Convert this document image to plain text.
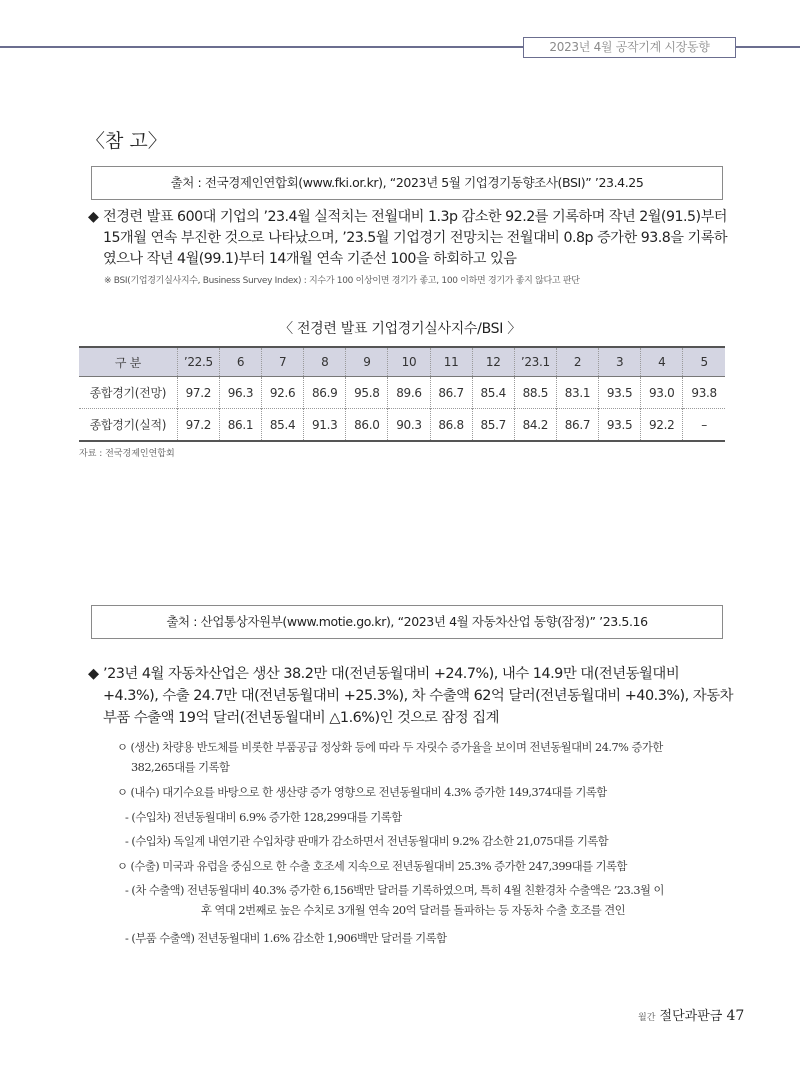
2023년 4월 공작기계 시장동향
〈참 고〉
출처 : 전국경제인연합회(www.fki.or.kr), “2023년 5월 기업경기동향조사(BSI)” ’23.4.25
◆ 전경련 발표 600대 기업의 ’23.4월 실적치는 전월대비 1.3p 감소한 92.2를 기록하며 작년 2월(91.5)부터 15개월 연속 부진한 것으로 나타났으며, ’23.5월 기업경기 전망치는 전월대비 0.8p 증가한 93.8을 기록하였으나 작년 4월(99.1)부터 14개월 연속 기준선 100을 하회하고 있음
※ BSI(기업경기실사지수, Business Survey Index) : 지수가 100 이상이면 경기가 좋고, 100 이하면 경기가 좋지 않다고 판단
〈 전경련 발표 기업경기실사지수/BSI 〉
구 분	’22.5	6	7	8	9	10	11	12	’23.1	2	3	4	5
종합경기(전망)	97.2	96.3	92.6	86.9	95.8	89.6	86.7	85.4	88.5	83.1	93.5	93.0	93.8
종합경기(실적)	97.2	86.1	85.4	91.3	86.0	90.3	86.8	85.7	84.2	86.7	93.5	92.2	–
자료 : 전국경제인연합회
출처 : 산업통상자원부(www.motie.go.kr), “2023년 4월 자동차산업 동향(잠정)” ’23.5.16
◆ ’23년 4월 자동차산업은 생산 38.2만 대(전년동월대비 +24.7%), 내수 14.9만 대(전년동월대비 +4.3%), 수출 24.7만 대(전년동월대비 +25.3%), 차 수출액 62억 달러(전년동월대비 +40.3%), 자동차 부품 수출액 19억 달러(전년동월대비 △1.6%)인 것으로 잠정 집계
ㅇ (생산) 차량용 반도체를 비롯한 부품공급 정상화 등에 따라 두 자릿수 증가율을 보이며 전년동월대비 24.7% 증가한
382,265대를 기록함
ㅇ (내수) 대기수요를 바탕으로 한 생산량 증가 영향으로 전년동월대비 4.3% 증가한 149,374대를 기록함
- (수입차) 전년동월대비 6.9% 증가한 128,299대를 기록함
- (수입차) 독일계 내연기관 수입차량 판매가 감소하면서 전년동월대비 9.2% 감소한 21,075대를 기록함
ㅇ (수출) 미국과 유럽을 중심으로 한 수출 호조세 지속으로 전년동월대비 25.3% 증가한 247,399대를 기록함
- (차 수출액) 전년동월대비 40.3% 증가한 6,156백만 달러를 기록하였으며, 특히 4월 친환경차 수출액은 ’23.3월 이
후 역대 2번째로 높은 수치로 3개월 연속 20억 달러를 돌파하는 등 자동차 수출 호조를 견인
- (부품 수출액) 전년동월대비 1.6% 감소한 1,906백만 달러를 기록함
월간 절단과판금 47
